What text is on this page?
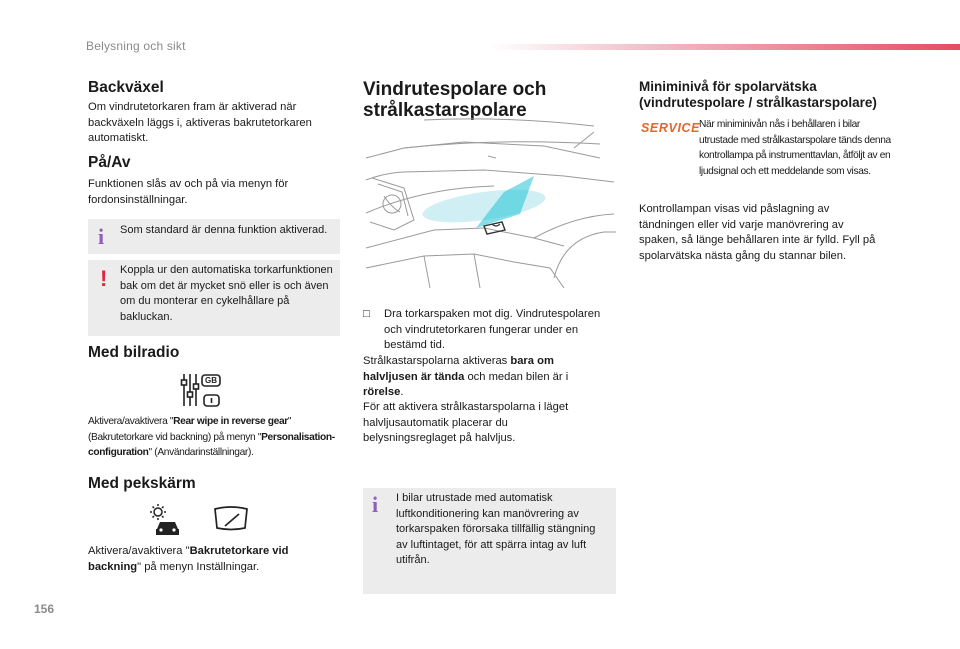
Belysning och sikt
Backväxel
Om vindrutetorkaren fram är aktiverad när backväxeln läggs i, aktiveras bakrutetorkaren automatiskt.
På/Av
Funktionen slås av och på via menyn för fordonsinställningar.
i Som standard är denna funktion aktiverad.
! Koppla ur den automatiska torkarfunktionen bak om det är mycket snö eller is och även om du monterar en cykelhållare på bakluckan.
Med bilradio
GB
Aktivera/avaktivera "Rear wipe in reverse gear" (Bakrutetorkare vid backning) på menyn "Personalisation-configuration" (Användarinställningar).
Med pekskärm
Aktivera/avaktivera "Bakrutetorkare vid backning" på menyn Inställningar.
Vindrutespolare och strålkastarspolare
□	Dra torkarspaken mot dig. Vindrutespolaren och vindrutetorkaren fungerar under en bestämd tid.
Strålkastarspolarna aktiveras bara om halvljusen är tända och medan bilen är i rörelse.
För att aktivera strålkastarspolarna i läget halvljusautomatik placerar du belysningsreglaget på halvljus.
i I bilar utrustade med automatisk luftkonditionering kan manövrering av torkarspaken förorsaka tillfällig stängning av luftintaget, för att spärra intag av luft utifrån.
Miniminivå för spolarvätska (vindrutespolare / strålkastarspolare)
SERVICE
När miniminivån nås i behållaren i bilar utrustade med strålkastarspolare tänds denna kontrollampa på instrumenttavlan, åtföljt av en ljudsignal och ett meddelande som visas.
Kontrollampan visas vid påslagning av tändningen eller vid varje manövrering av spaken, så länge behållaren inte är fylld. Fyll på spolarvätska nästa gång du stannar bilen.
156
